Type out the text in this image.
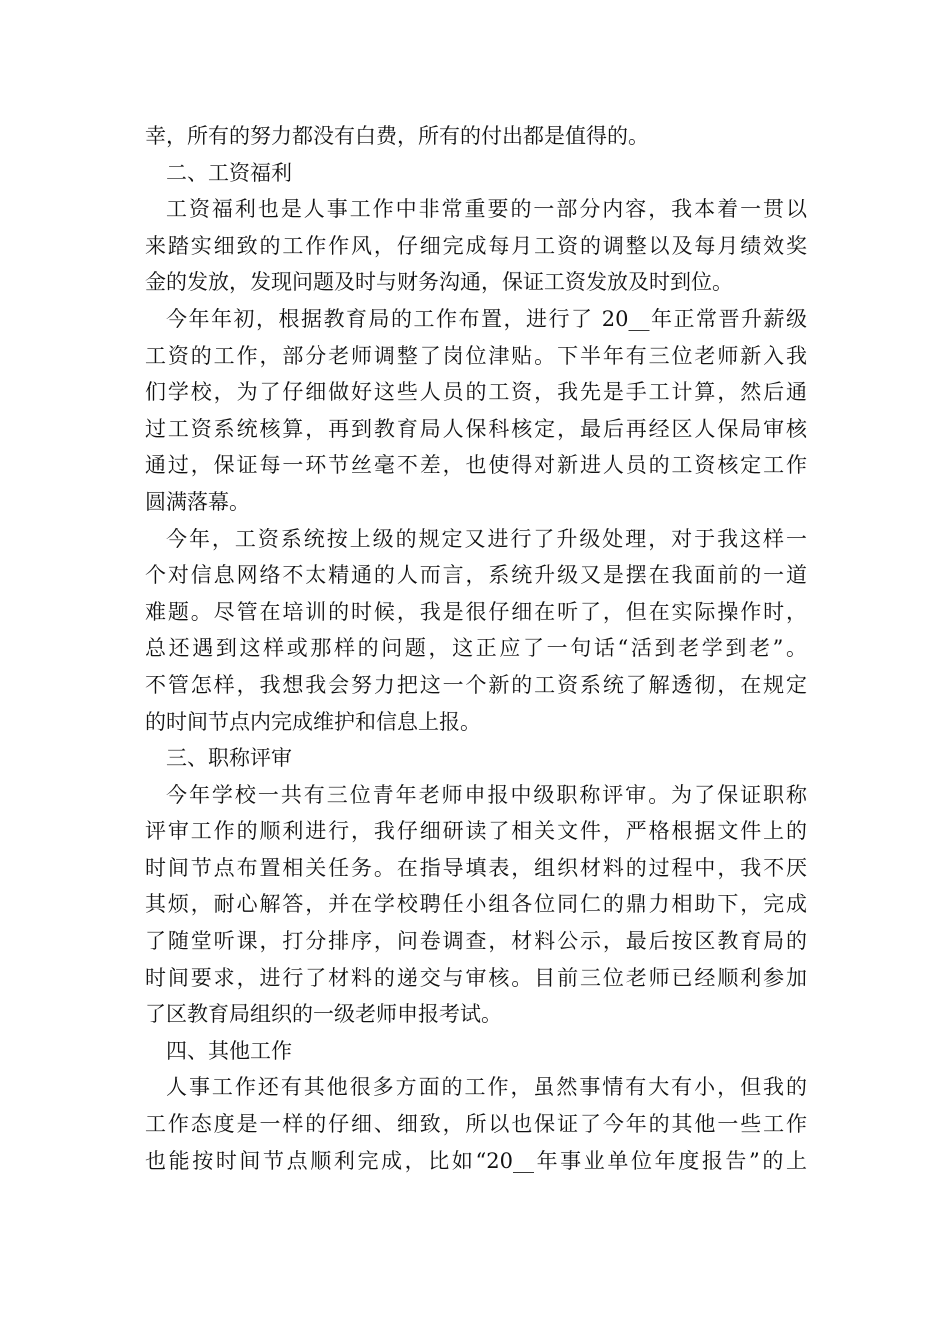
幸，所有的努力都没有白费，所有的付出都是值得的。
二、工资福利
工资福利也是人事工作中非常重要的一部分内容，我本着一贯以
来踏实细致的工作作风，仔细完成每月工资的调整以及每月绩效奖
金的发放，发现问题及时与财务沟通，保证工资发放及时到位。
今年年初，根据教育局的工作布置，进行了 20__年正常晋升薪级
工资的工作，部分老师调整了岗位津贴。下半年有三位老师新入我
们学校，为了仔细做好这些人员的工资，我先是手工计算，然后通
过工资系统核算，再到教育局人保科核定，最后再经区人保局审核
通过，保证每一环节丝毫不差，也使得对新进人员的工资核定工作
圆满落幕。
今年，工资系统按上级的规定又进行了升级处理，对于我这样一
个对信息网络不太精通的人而言，系统升级又是摆在我面前的一道
难题。尽管在培训的时候，我是很仔细在听了，但在实际操作时，
总还遇到这样或那样的问题，这正应了一句话“活到老学到老”。
不管怎样，我想我会努力把这一个新的工资系统了解透彻，在规定
的时间节点内完成维护和信息上报。
三、职称评审
今年学校一共有三位青年老师申报中级职称评审。为了保证职称
评审工作的顺利进行，我仔细研读了相关文件，严格根据文件上的
时间节点布置相关任务。在指导填表，组织材料的过程中，我不厌
其烦，耐心解答，并在学校聘任小组各位同仁的鼎力相助下，完成
了随堂听课，打分排序，问卷调查，材料公示，最后按区教育局的
时间要求，进行了材料的递交与审核。目前三位老师已经顺利参加
了区教育局组织的一级老师申报考试。
四、其他工作
人事工作还有其他很多方面的工作，虽然事情有大有小，但我的
工作态度是一样的仔细、细致，所以也保证了今年的其他一些工作
也能按时间节点顺利完成，比如“20__年事业单位年度报告”的上
